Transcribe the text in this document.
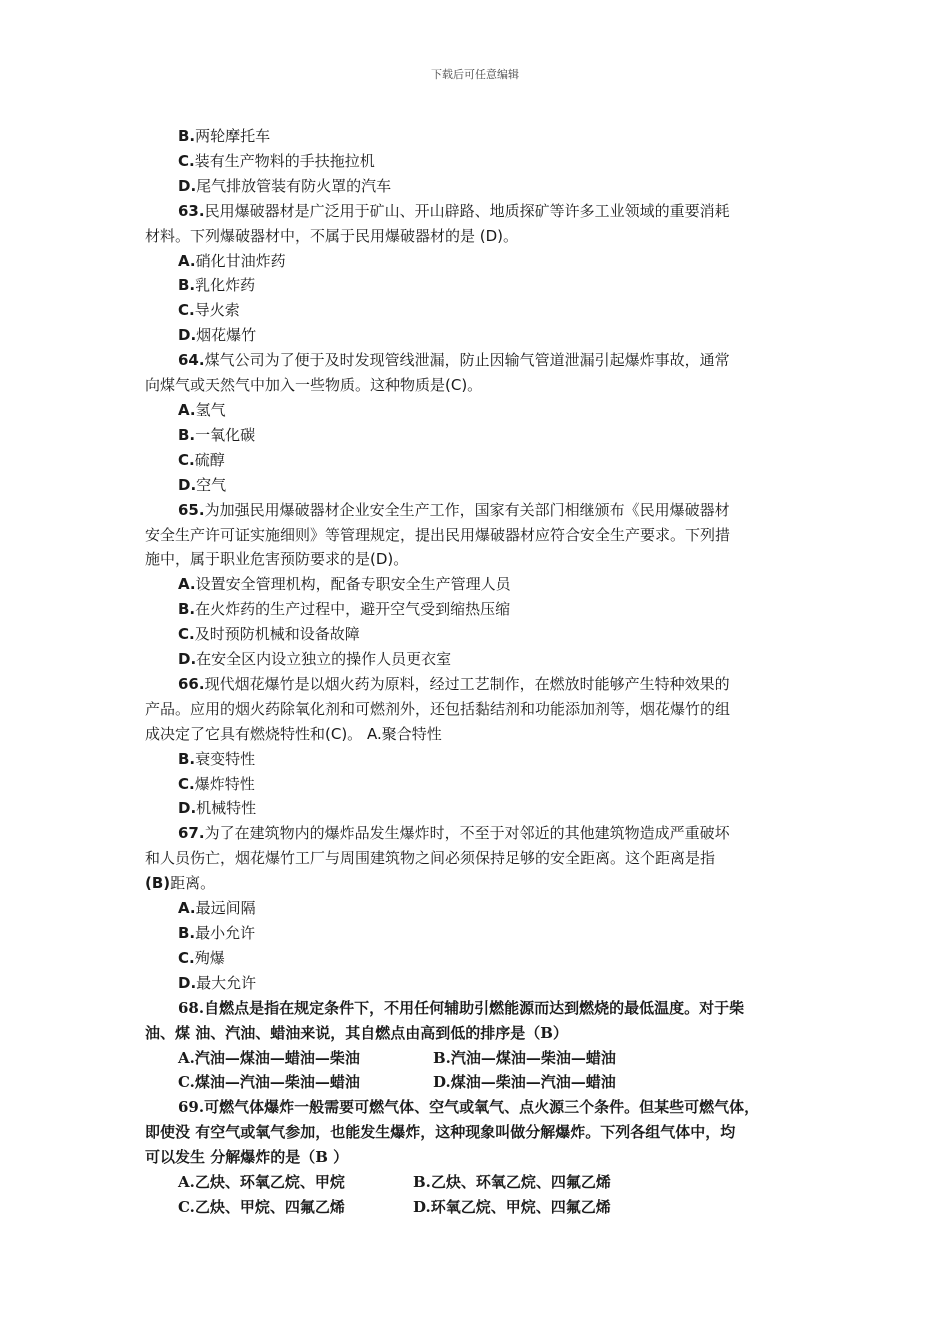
下载后可任意编辑
B.两轮摩托车
C.装有生产物料的手扶拖拉机
D.尾气排放管装有防火罩的汽车
63.民用爆破器材是广泛用于矿山、开山辟路、地质探矿等许多工业领域的重要消耗
材料。下列爆破器材中，不属于民用爆破器材的是 (D)。
A.硝化甘油炸药
B.乳化炸药
C.导火索
D.烟花爆竹
64.煤气公司为了便于及时发现管线泄漏，防止因输气管道泄漏引起爆炸事故，通常
向煤气或天然气中加入一些物质。这种物质是(C)。
A.氢气
B.一氧化碳
C.硫醇
D.空气
65.为加强民用爆破器材企业安全生产工作，国家有关部门相继颁布《民用爆破器材
安全生产许可证实施细则》等管理规定，提出民用爆破器材应符合安全生产要求。下列措
施中，属于职业危害预防要求的是(D)。
A.设置安全管理机构，配备专职安全生产管理人员
B.在火炸药的生产过程中，避开空气受到缩热压缩
C.及时预防机械和设备故障
D.在安全区内设立独立的操作人员更衣室
66.现代烟花爆竹是以烟火药为原料，经过工艺制作，在燃放时能够产生特种效果的
产品。应用的烟火药除氧化剂和可燃剂外，还包括黏结剂和功能添加剂等，烟花爆竹的组
成决定了它具有燃烧特性和(C)。 A.聚合特性
B.衰变特性
C.爆炸特性
D.机械特性
67.为了在建筑物内的爆炸品发生爆炸时，不至于对邻近的其他建筑物造成严重破坏
和人员伤亡，烟花爆竹工厂与周围建筑物之间必须保持足够的安全距离。这个距离是指
(B)距离。
A.最远间隔
B.最小允许
C.殉爆
D.最大允许
68.自燃点是指在规定条件下，不用任何辅助引燃能源而达到燃烧的最低温度。对于柴
油、煤 油、汽油、蜡油来说，其自燃点由高到低的排序是（B）
A.汽油—煤油—蜡油—柴油	B.汽油—煤油—柴油—蜡油
C.煤油—汽油—柴油—蜡油	D.煤油—柴油—汽油—蜡油
69.可燃气体爆炸一般需要可燃气体、空气或氧气、点火源三个条件。但某些可燃气体，
即使没 有空气或氧气参加，也能发生爆炸，这种现象叫做分解爆炸。下列各组气体中，均
可以发生 分解爆炸的是（B ）
A.乙炔、环氧乙烷、甲烷	B.乙炔、环氧乙烷、四氟乙烯
C.乙炔、甲烷、四氟乙烯	D.环氧乙烷、甲烷、四氟乙烯
